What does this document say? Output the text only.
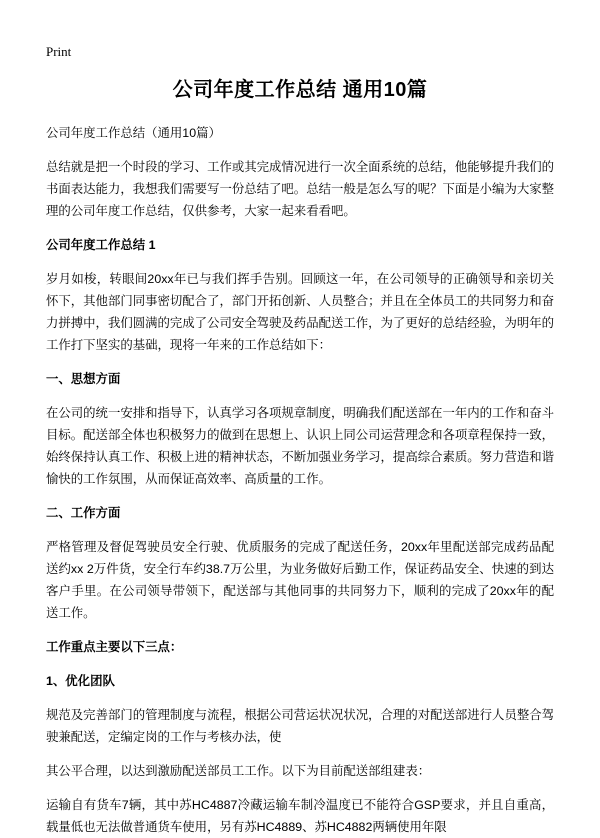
Print
公司年度工作总结 通用10篇

公司年度工作总结（通用10篇）

总结就是把一个时段的学习、工作或其完成情况进行一次全面系统的总结，他能够提升我们的书面表达能力，我想我们需要写一份总结了吧。总结一般是怎么写的呢？下面是小编为大家整理的公司年度工作总结，仅供参考，大家一起来看看吧。

公司年度工作总结 1

岁月如梭，转眼间20xx年已与我们挥手告别。回顾这一年，在公司领导的正确领导和亲切关怀下，其他部门同事密切配合了，部门开拓创新、人员整合；并且在全体员工的共同努力和奋力拼搏中，我们圆满的完成了公司安全驾驶及药品配送工作，为了更好的总结经验，为明年的工作打下坚实的基础，现将一年来的工作总结如下：

一、思想方面

在公司的统一安排和指导下，认真学习各项规章制度，明确我们配送部在一年内的工作和奋斗目标。配送部全体也积极努力的做到在思想上、认识上同公司运营理念和各项章程保持一致，始终保持认真工作、积极上进的精神状态，不断加强业务学习，提高综合素质。努力营造和谐愉快的工作氛围，从而保证高效率、高质量的工作。

二、工作方面

严格管理及督促驾驶员安全行驶、优质服务的完成了配送任务，20xx年里配送部完成药品配送约xx 2万件货，安全行车约38.7万公里，为业务做好后勤工作，保证药品安全、快速的到达客户手里。在公司领导带领下，配送部与其他同事的共同努力下，顺利的完成了20xx年的配送工作。

工作重点主要以下三点：

1、优化团队

规范及完善部门的管理制度与流程，根据公司营运状况状况，合理的对配送部进行人员整合驾驶兼配送，定编定岗的工作与考核办法，使

其公平合理，以达到激励配送部员工工作。以下为目前配送部组建表：

运输自有货车7辆，其中苏HC4887冷藏运输车制冷温度已不能符合GSP要求，并且自重高，载量低也无法做普通货车使用，另有苏HC4889、苏HC4882两辆使用年限
